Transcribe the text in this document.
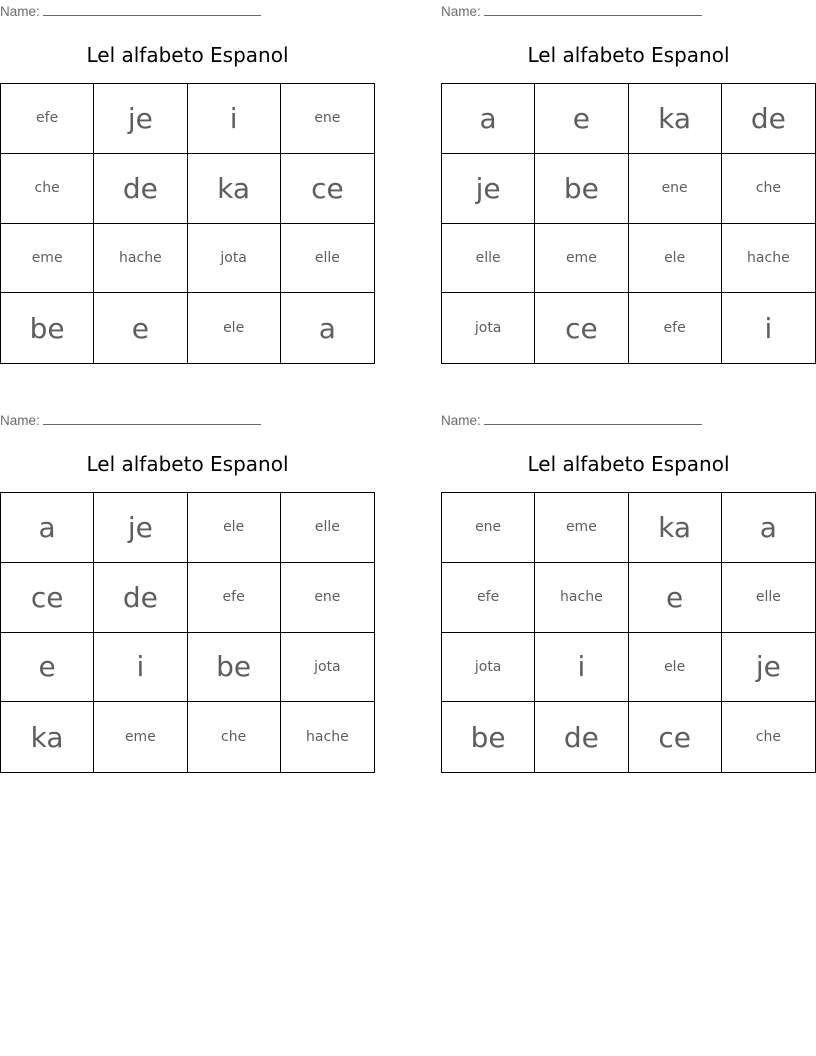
Name:
Lel alfabeto Espanol
efe	je	i	ene
che	de	ka	ce
eme	hache	jota	elle
be	e	ele	a
Name:
Lel alfabeto Espanol
a	e	ka	de
je	be	ene	che
elle	eme	ele	hache
jota	ce	efe	i
Name:
Lel alfabeto Espanol
a	je	ele	elle
ce	de	efe	ene
e	i	be	jota
ka	eme	che	hache
Name:
Lel alfabeto Espanol
ene	eme	ka	a
efe	hache	e	elle
jota	i	ele	je
be	de	ce	che
